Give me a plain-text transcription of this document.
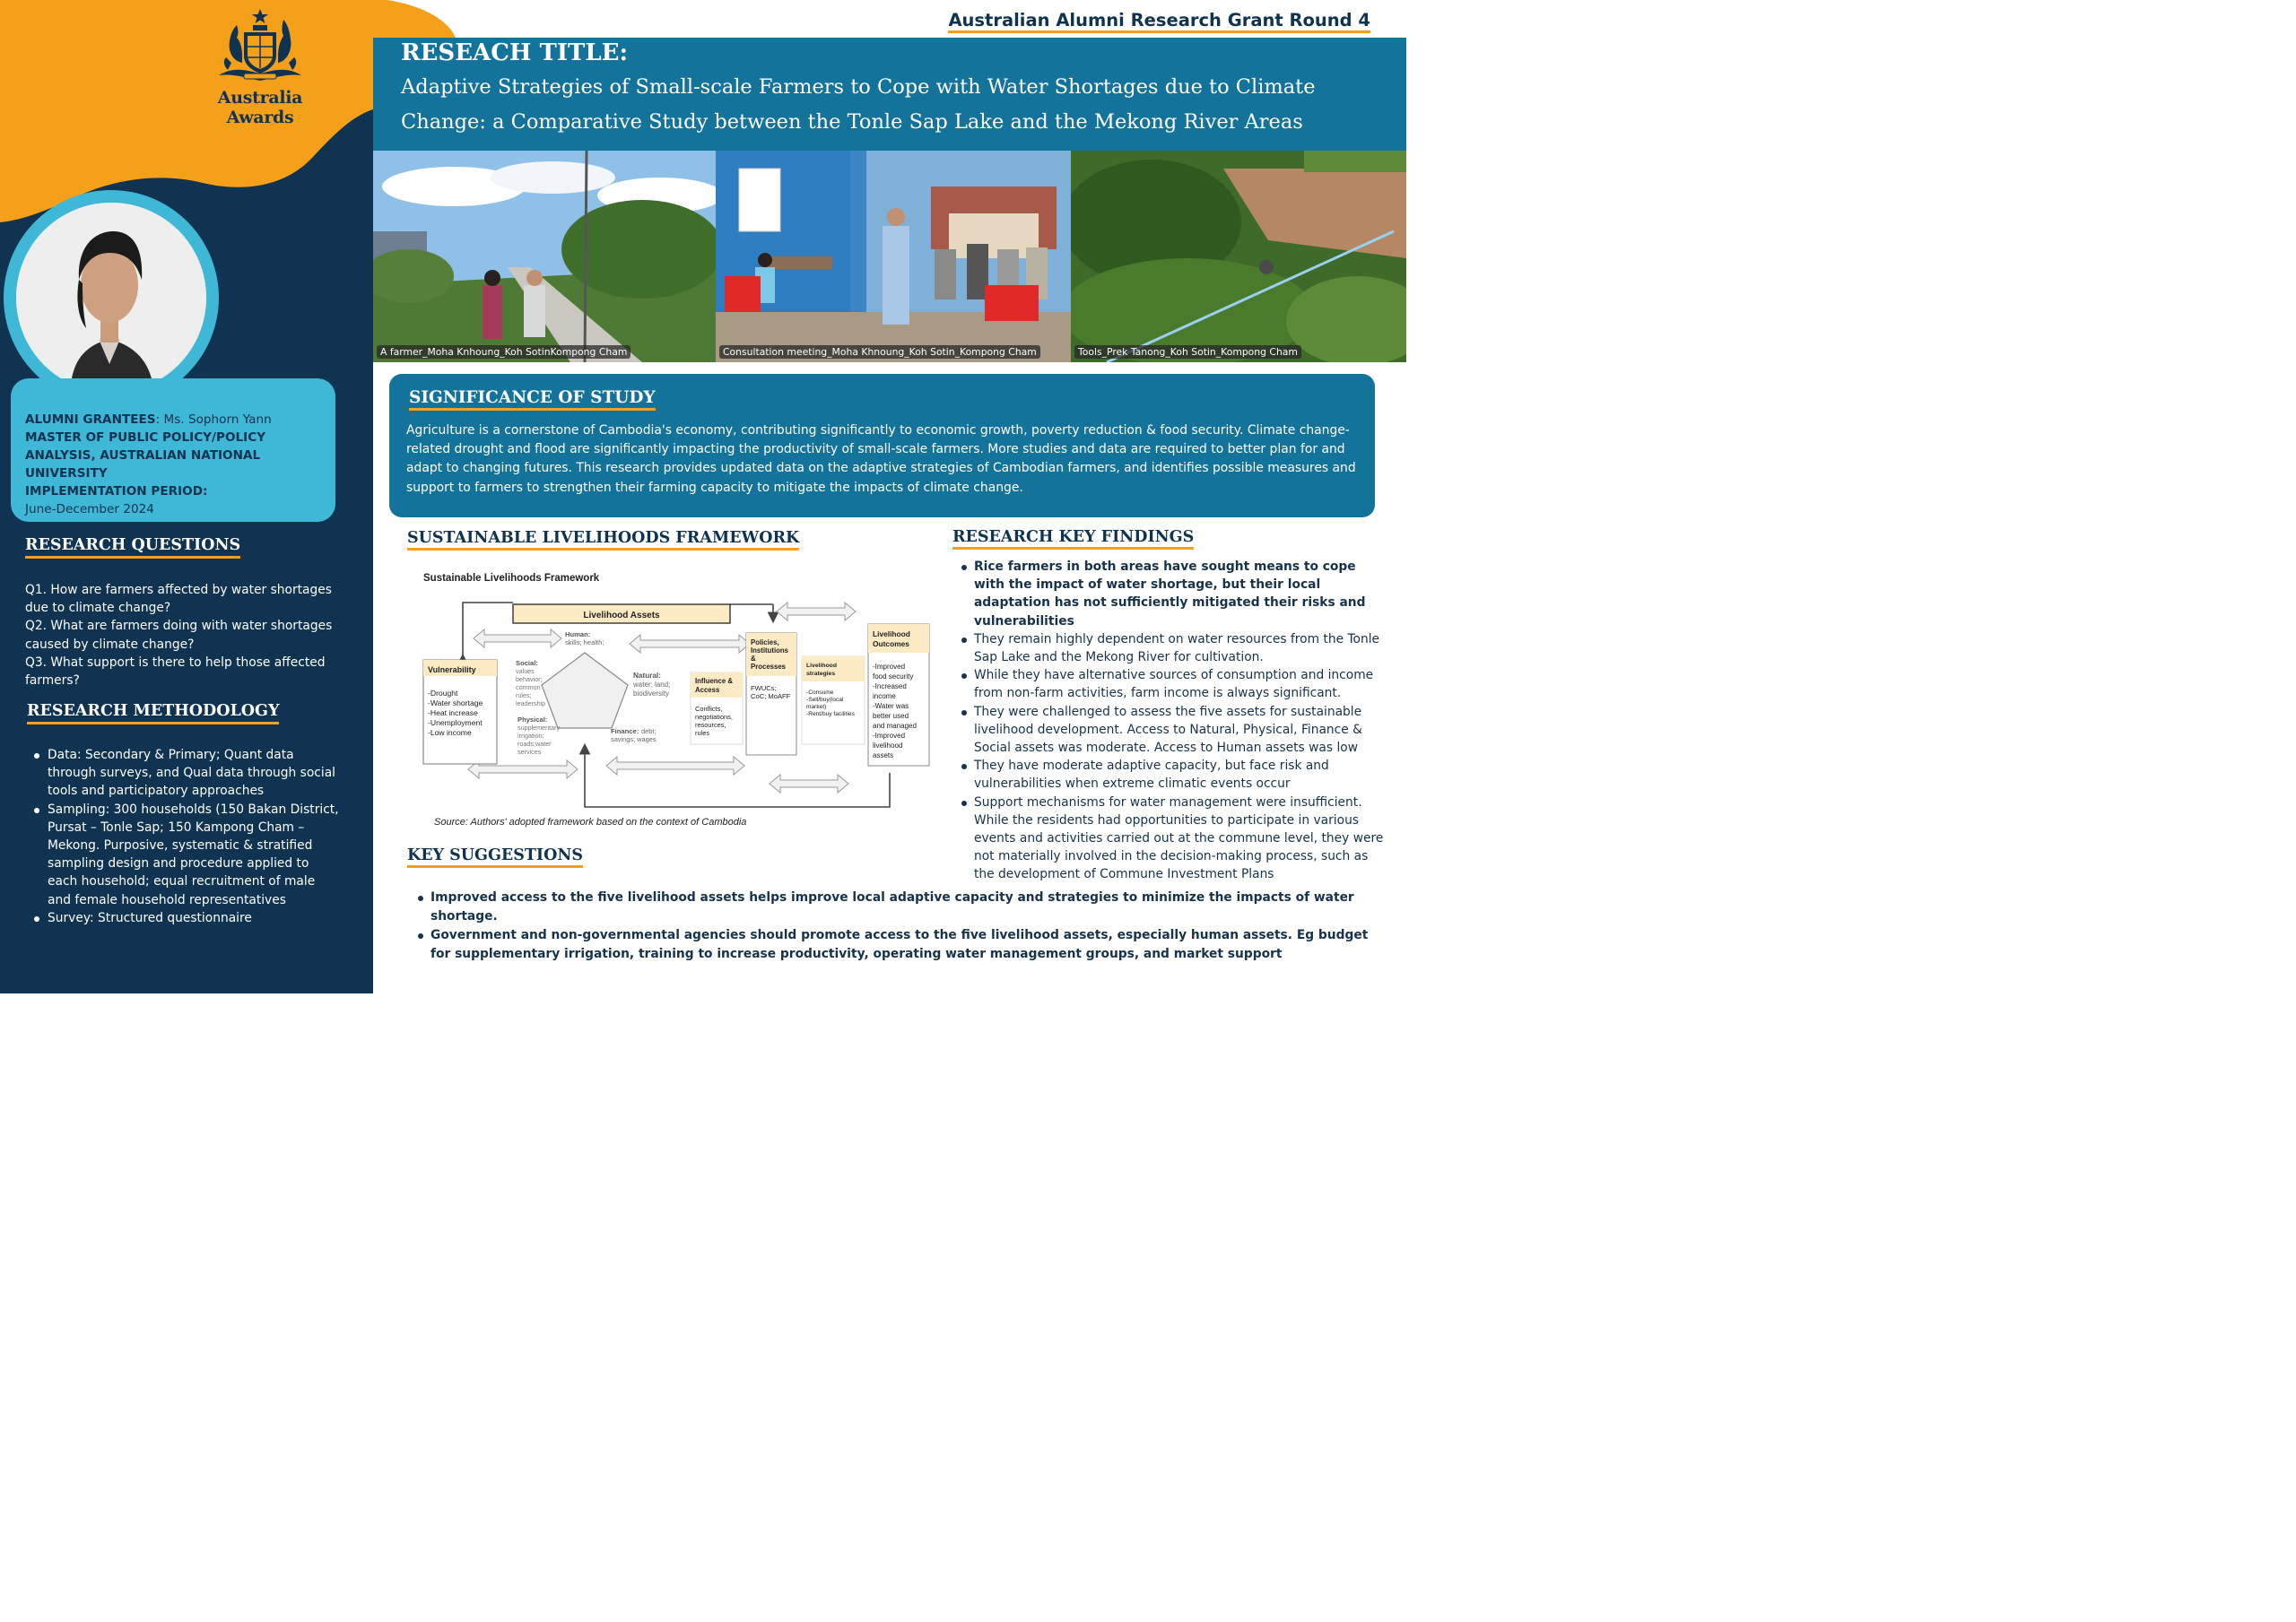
Australia Awards
ALUMNI GRANTEES: Ms. Sophorn Yann
MASTER OF PUBLIC POLICY/POLICY ANALYSIS, AUSTRALIAN NATIONAL UNIVERSITY
IMPLEMENTATION PERIOD:
June-December 2024
RESEARCH QUESTIONS
Q1. How are farmers affected by water shortages due to climate change?
Q2. What are farmers doing with water shortages caused by climate change?
Q3. What support is there to help those affected farmers?
RESEARCH METHODOLOGY
Data: Secondary & Primary; Quant data through surveys, and Qual data through social tools and participatory approaches
Sampling: 300 households (150 Bakan District, Pursat – Tonle Sap; 150 Kampong Cham – Mekong. Purposive, systematic & stratified sampling design and procedure applied to each household; equal recruitment of male and female household representatives
Survey: Structured questionnaire
Australian Alumni Research Grant Round 4
RESEACH TITLE:
Adaptive Strategies of Small-scale Farmers to Cope with Water Shortages due to Climate Change: a Comparative Study between the Tonle Sap Lake and the Mekong River Areas
A farmer_Moha Knhoung_Koh SotinKompong Cham	Consultation meeting_Moha Khnoung_Koh Sotin_Kompong Cham	Tools_Prek Tanong_Koh Sotin_Kompong Cham
SIGNIFICANCE OF STUDY
Agriculture is a cornerstone of Cambodia's economy, contributing significantly to economic growth, poverty reduction & food security. Climate change-related drought and flood are significantly impacting the productivity of small-scale farmers. More studies and data are required to better plan for and adapt to changing futures. This research provides updated data on the adaptive strategies of Cambodian farmers, and identifies possible measures and support to farmers to strengthen their farming capacity to mitigate the impacts of climate change.
SUSTAINABLE LIVELIHOODS FRAMEWORK
Sustainable Livelihoods Framework
Livelihood Assets
Vulnerability
-Drought
-Water shortage
-Heat increase
-Unemployment
-Low income
Human:
skills; health;
Social:
values
behavior;
common
rules;
leadership
Natural:
water; land;
biodiversity
Physical:
supplementary
irrigation;
roads;water
services
Finance: debt;
savings; wages
Influence &
Access
Conflicts,
negotiations,
resources,
rules
Policies,
Institutions
&
Processes
FWUCs;
CoC; MoAFF
Livelihood
strategies
-Consume
-Sell/buy(local
market)
-Rent/buy facilities
Livelihood
Outcomes
-Improved
food security
-Increased
income
-Water was
better used
and managed
-Improved
livelihood
assets
Source: Authors' adopted framework based on the context of Cambodia
RESEARCH KEY FINDINGS
Rice farmers in both areas have sought means to cope with the impact of water shortage, but their local adaptation has not sufficiently mitigated their risks and vulnerabilities
They remain highly dependent on water resources from the Tonle Sap Lake and the Mekong River for cultivation.
While they have alternative sources of consumption and income from non-farm activities, farm income is always significant.
They were challenged to assess the five assets for sustainable livelihood development. Access to Natural, Physical, Finance & Social assets was moderate. Access to Human assets was low
They have moderate adaptive capacity, but face risk and vulnerabilities when extreme climatic events occur
Support mechanisms for water management were insufficient. While the residents had opportunities to participate in various events and activities carried out at the commune level, they were not materially involved in the decision-making process, such as the development of Commune Investment Plans
KEY SUGGESTIONS
Improved access to the five livelihood assets helps improve local adaptive capacity and strategies to minimize the impacts of water shortage.
Government and non-governmental agencies should promote access to the five livelihood assets, especially human assets. Eg budget for supplementary irrigation, training to increase productivity, operating water management groups, and market support
